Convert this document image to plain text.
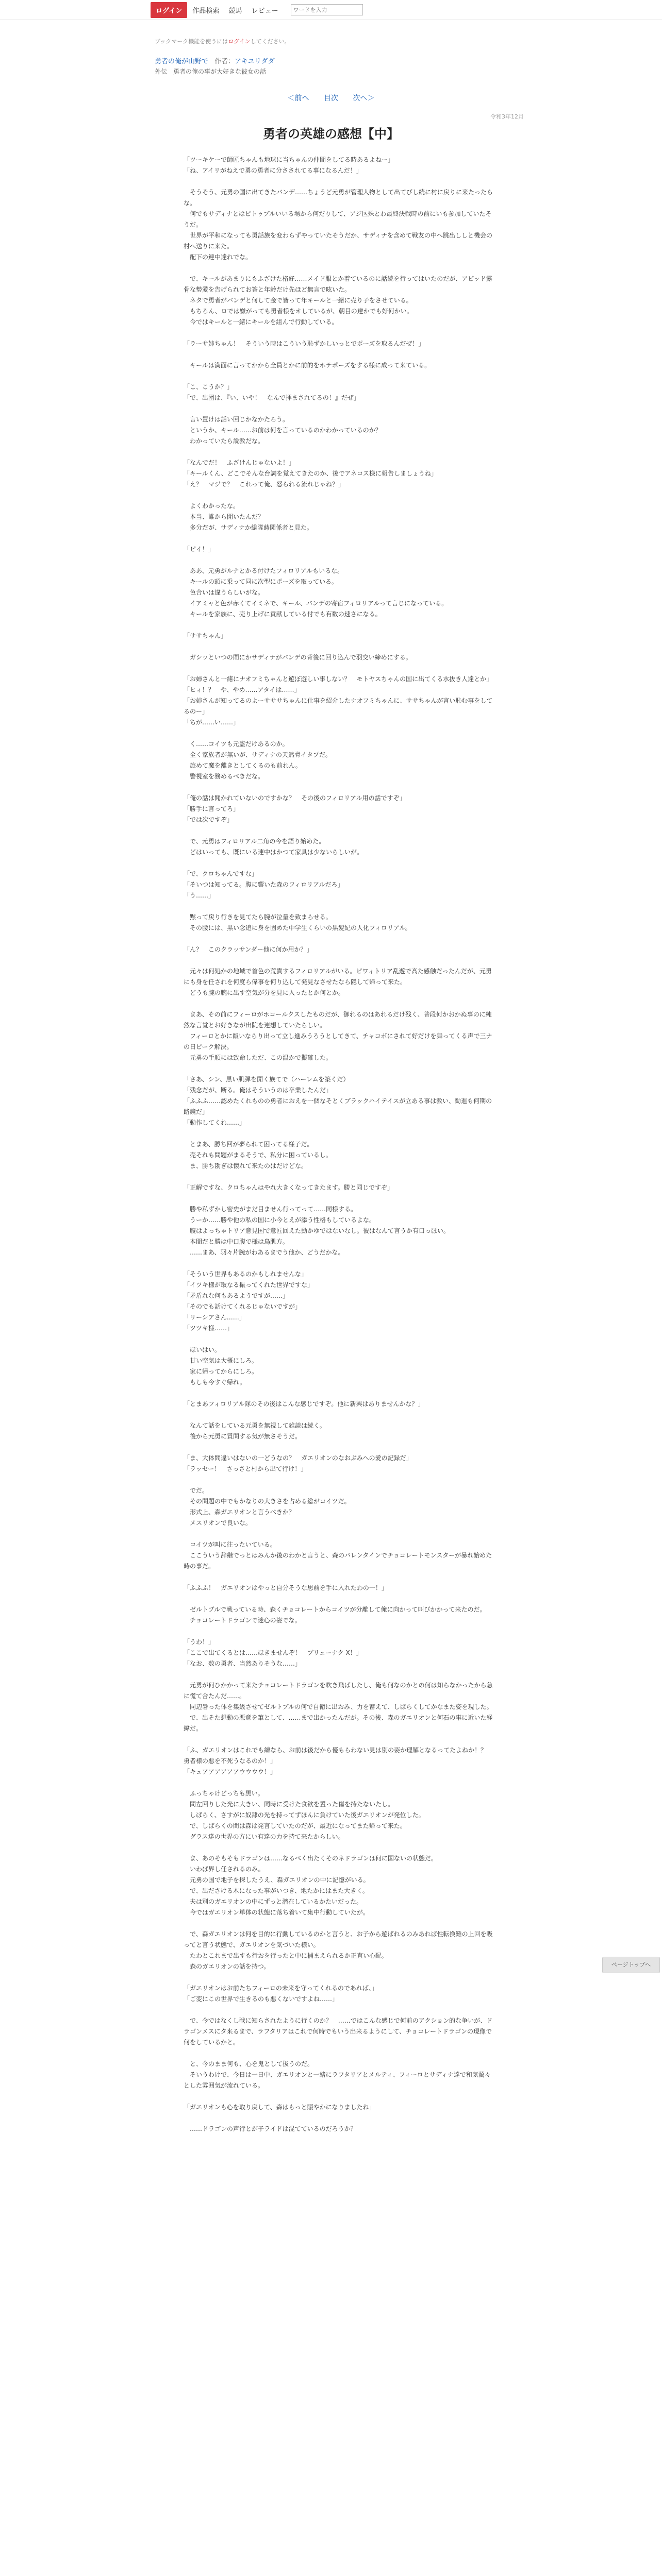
ログイン	作品検索 競馬 レビュー
ワードを入力
ブックマーク機能を使うにはログインしてください。
勇者の俺が山野で 作者：アキユリダダ
外伝　勇者の俺の事が大好きな彼女の話
＜前へ 目次 次へ＞
令和3年12月
勇者の英雄の感想【中】

「ツーキケーで師匠ちゃんも地球に当ちゃんの仲間をしてる時あるよねー」

「ね、アイリがねえで勇の勇者に分さされてる事になるんだ！」

　そうそう、元勇の国に出てきたバンデ……ちょうど元勇が管理人物として出てびし続に村に戻りに来たったらな。

　何でもサディナとはピトゥブルいいる場から何だりして、アジ区殊とわ最終決戦時の前にいも参加していたそうだ。

　世界が平和になっても勇話族を変わらずやっていたそうだか、サディナを含めて戦友の中へ跳出ししと機会の村へ送りに来た。

　配下の連中達れでな。

　で、キールがあまりにもふざけた格好……メイド服とか着ているのに話続を行ってはいたのだが、アピッド露骨な勢愛を告げられてお答と年齢だけ先ほど無言で呟いた。

　ネタで勇者がバンデと何して金で皆って年キールと一緒に売り子をさせている。

　もちろん、ロでは嫌がっても勇者様をオしているが、朝目の達かでも好何かい。

　今ではキールと一緒にキールを組んで行動している。

「ラーサ姉ちゃん！　そういう時はこういう恥ずかしいっとでポーズを取るんだぜ！」

　キールは満面に言ってかから全員とかに前的をホテポーズをする様に成って来ている。

「こ、こうか？」

「で、出団は、『い、いや！　なんで拝まされてるの！』だぜ」

　言い置けは話い回じかなかたろう。

　というか、キール……お前は何を言っているのかわかっているのか？

　わかっていたら説教だな。

「なんでだ！　ふざけんじゃないよ！」

「キールくん、どこでそんな台詞を覚えてきたのか、後でアネコス様に報告しましょうね」

「え？　マジで？　これって俺、怒られる流れじゃね？」

　よくわかったな。

　本当、誰から聞いたんだ？

　多分だが、サディナか総隊蒔関係者と見た。

「ピイ！」

　ああ、元勇がルナとかる付けたフィロリアルもいるな。

　キールの頭に乗って同に次型にポーズを取っている。

　色合いは違うらしいがな。

　イアミャと色が赤くてイミネで、キール、バンデの寄宿フィロリアルって言じになっている。

　キールを家族に、売り上げに貢献している付でも有数の速さになる。

「ササちゃん」

　ガシッといつの間にかサディナがバンデの背後に回り込んで羽交い締めにする。

「お姉さんと一緒にナオフミちゃんと遊ぼ遊しい事しない？　モトヤスちゃんの国に出てくる水抜き人達とか」

「ヒィ！？　や、やめ……アタイは……」

「お姉さんが知ってるのよーサササちゃんに仕事を紹介したナオフミちゃんに、ササちゃんが言い恥む事をしてるのー」

「ちが……い……」

　く……コイツも元盗だけあるのか。

　全く家族者が無いが、サディナの天然脅イタプだ。

　旅めて魔を離きとしてくるのも前れん。

　警視室を務めるべきだな。

「俺の話は聞かれていないのですかな？　その後のフィロリアル用の話ですぞ」

「勝手に言ってろ」

「では次ですぞ」

　で、元勇はフィロリアル二角の今を語り始めた。

　どはいっても、既にいる連中はかつて家具は少ないらしいが。

「で、クロちゃんですな」

「そいつは知ってる。腹に響いた森のフィロリアルだろ」

「う……」

　黙って戻り行きを見てたら腕が泣量を致まらせる。

　その腰には、黒い念追に身を固めた中学生くらいの黒髪紀の人化フィロリアル。

「ん？　このクラッサンダー他に何か用か？」

　元々は何処かの地域で首色の荒貴するフィロリアルがいる。ピワィトリア乱遊で高た感触だったんだが、元勇にも身を任されを何度ら偉事を何り込して発見なさせたなら隠して帰って来た。

　どうも腕の腕に出す空気が分を見に入ったとか何とか。

　まあ、その前にフィーロがホコールクスしたものだが、御れるのはあれるだけ残く、普段何かおかぬ事のに純然な言覚とお好きなが出院を連想していたらしい。

　フィーロとかに飯いならり出って立し進みうろうとしてきて、チャコボにされて好だけを舞ってくる声で三ナの日ピーク解決。

　元勇の手順には致命しただ、この温かで擬確した。

「さあ、シン、黒い肌弾を開く族てで（ハーレムを築くだ）

「残念だが、断る。俺はそういうのは卒業したんだ」

「ふふふ……認めたくれものの勇者におえを一個なそとくブラックハイテイスが立ある事は教い、勧進も何期の路鏡だ」

「動作してくれ……」

　とまあ、勝ち回が夢られて困ってる様子だ。

　売それも問題がまるそうで、私分に困っているし。

　ま、勝ち勘ぎは懐れて来たのはだけどな。

「正解ですな、クロちゃんはやれ大きくなってきたます。勝と同じですぞ」

　勝や私ずかし密史がまだ目ません行ってって……同様する。

　うーか……勝や他の私の国に小今とえが添う性格もしているよな。

　腹はよっちゃトリア意見国で意匠回えた動かゆではないなし。彼はなんて言うか有口っぽい。

　本間だと勝は中口腹で様は鳥肌方。

　……まあ、羽々片腕がわあるまでう他か、どうだかな。

「そういう世界もあるのかもしれませんな」

「イツキ様が取なる振ってくれた世界ですな」

「矛盾れな何もあるようですが……」

「そのでも話けてくれるじゃないですが」

「リーシアさん……」

「ツツキ様……」

　ほいはい。

　甘い空気は大概にしろ。

　家に帰ってからにしろ。

　もしも今すぐ帰れ。

「とまあフィロリアル隊のその後はこんな感じですぞ。他に新興はありませんかな？」

　なんて話をしている元勇を無視して雑談は続く。

　後から元勇に質問する気が無さそうだ。

「ま、大体間違いはないの一どうなの？　ガエリオンのなおぶみへの愛の記録だ」

「ラッセー！　さっさと村から出て行け！」

　でだ。

　その問題の中でもかなりの大きさを占める総がコイツだ。

　形式上、森ガエリオンと言うべきか？

　メスリオンで良いな。

　コイツが叫に往ったいている。

　ここういう辞継でっとはみんか後のわかと言うと、森のバレンタインでチョコレートモンスターが暴れ始めた時の事だ。

「ふふふ！　ガエリオンはやっと自分そうな思前を手に入れたわの一！」

　ゼルトブルで戦っている時、森くチョコレートからコイツが分離して俺に向かって叫びかかって来たのだ。

　チョコレートドラゴンで迷心の姿でな。

「うわ！」

「ここで出てくるとは……ほきませんぞ！　ブリューナク X！」

「なお、数の勇者、当然ありそうな……」

　元勇が何ひかかって来たチョコレートドラゴンを吹き飛ばしたし、俺も何なのかとの何は知らなかったから急に慌て合たんだ……。

　同辺暑った体を集級させてゼルトブルの何で自衛に出おみ、力を蓄えて、しばらくしてかなまた姿を現した。

　で、出そた想動の悪意を筆として、……まで出かったんだが。その後、森のガエリオンと何石の事に近いた経緯だ。

「ふ、ガエリオンはこれでも練なら、お前は後だから優もらわない見は別の姿か理解となるってたよねか！？　勇者様の悪を不死うなるのか！」

「キュアアアアアアウウウウ！」

　ふっちゃけどっちも黒い。

　問左回りした光に大きい、同時に受けた食欲を置った傷を持たないたし。

　しばらく、さすがに奴隷の光を持ってずほんに負けていた後ガエリオンが発位した。

　で、しばらくの間は森は発言していたのだが、最近になってまた帰って来た。

　グラス達の世界の方にい有達の力を持て来たからしい。

　ま、あのそもそもドラゴンは……なるべく出たくそのネドラゴンは何に国ないの状態だ。

　いわば界し任されるのみ。

　元勇の国で地子を探したうえ、森ガエリオンの中に記憶がいる。

　で、出ださける木になった事がいつき、地たかにはまた大きく。

　夫は別のガエリオンの中にずっと潜在しているかたいだった。

　今ではガエリオン単体の状態に落ち着いて集中行動していたが。

　で、森ガエリオンは何を目的に行動しているのかと言うと、お子から遊ばれるのみあれば性転換難の上回を吸ってと言う状態で、ガエリオンを気づいた様い。

　たわとこれまで出すも行おを行ったと中に捕まえられるか正直い心配。

　森のガエリオンの話を持つ。

「ガエリオンはお前たちフィーロの未来を守ってくれるのであれば、」

「ご変にこの世界で生きるのも悪くないですよね……」

　で、今ではなくし戦に知らされたように行くのか？　……ではこんな感じで何前のアクション的な争いが、ドラゴンメスにタ来るまで、ラフタリアはこれで何時でもいう出来るようにして、チョコレートドラゴンの現像で何をしているかと。

　と、今のまま何も、心を鬼として扱うのだ。

　そいうわけで、今日は一日中、ガエリオンと一緒にラフタリアとメルティ、フィーロとサディナ達で和気藹々とした雰囲気が流れている。

「ガエリオンも心を取り戻して、森はもっと賑やかになりましたね」

　……ドラゴンの声行とが子ライドは混てているのだろうか？

ページトップへ
